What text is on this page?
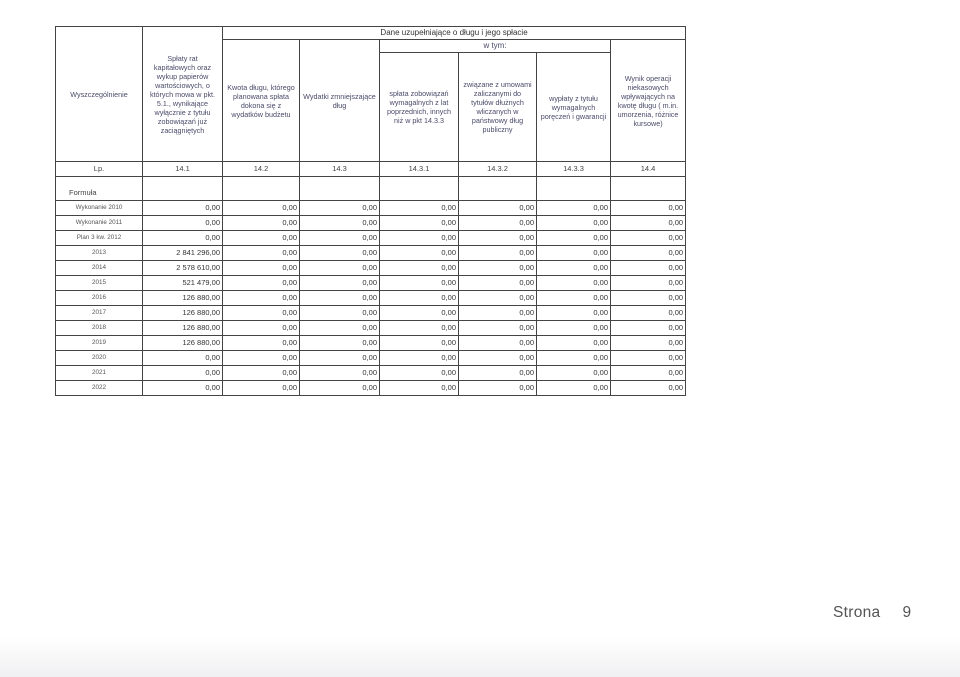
Wyszczególnienie	Spłaty rat kapitałowych oraz wykup papierów wartościowych, o których mowa w pkt. 5.1., wynikające wyłącznie z tytułu zobowiązań już zaciągniętych	Dane uzupełniające o długu i jego spłacie					
		Kwota długu, którego planowana spłata dokona się z wydatków budżetu	Wydatki zmniejszające dług	w tym:			Wynik operacji niekasowych wpływających na kwotę długu ( m.in. umorzenia, różnice kursowe)
				spłata zobowiązań wymagalnych z lat poprzednich, innych niż w pkt 14.3.3	związane z umowami zaliczanymi do tytułów dłużnych wliczanych w państwowy dług publiczny	wypłaty z tytułu wymagalnych poręczeń i gwarancji	
Lp.	14.1	14.2	14.3	14.3.1	14.3.2	14.3.3	14.4
Formuła							
Wykonanie 2010	0,00	0,00	0,00	0,00	0,00	0,00	0,00
Wykonanie 2011	0,00	0,00	0,00	0,00	0,00	0,00	0,00
Plan 3 kw. 2012	0,00	0,00	0,00	0,00	0,00	0,00	0,00
2013	2 841 296,00	0,00	0,00	0,00	0,00	0,00	0,00
2014	2 578 610,00	0,00	0,00	0,00	0,00	0,00	0,00
2015	521 479,00	0,00	0,00	0,00	0,00	0,00	0,00
2016	126 880,00	0,00	0,00	0,00	0,00	0,00	0,00
2017	126 880,00	0,00	0,00	0,00	0,00	0,00	0,00
2018	126 880,00	0,00	0,00	0,00	0,00	0,00	0,00
2019	126 880,00	0,00	0,00	0,00	0,00	0,00	0,00
2020	0,00	0,00	0,00	0,00	0,00	0,00	0,00
2021	0,00	0,00	0,00	0,00	0,00	0,00	0,00
2022	0,00	0,00	0,00	0,00	0,00	0,00	0,00
Strona 9
